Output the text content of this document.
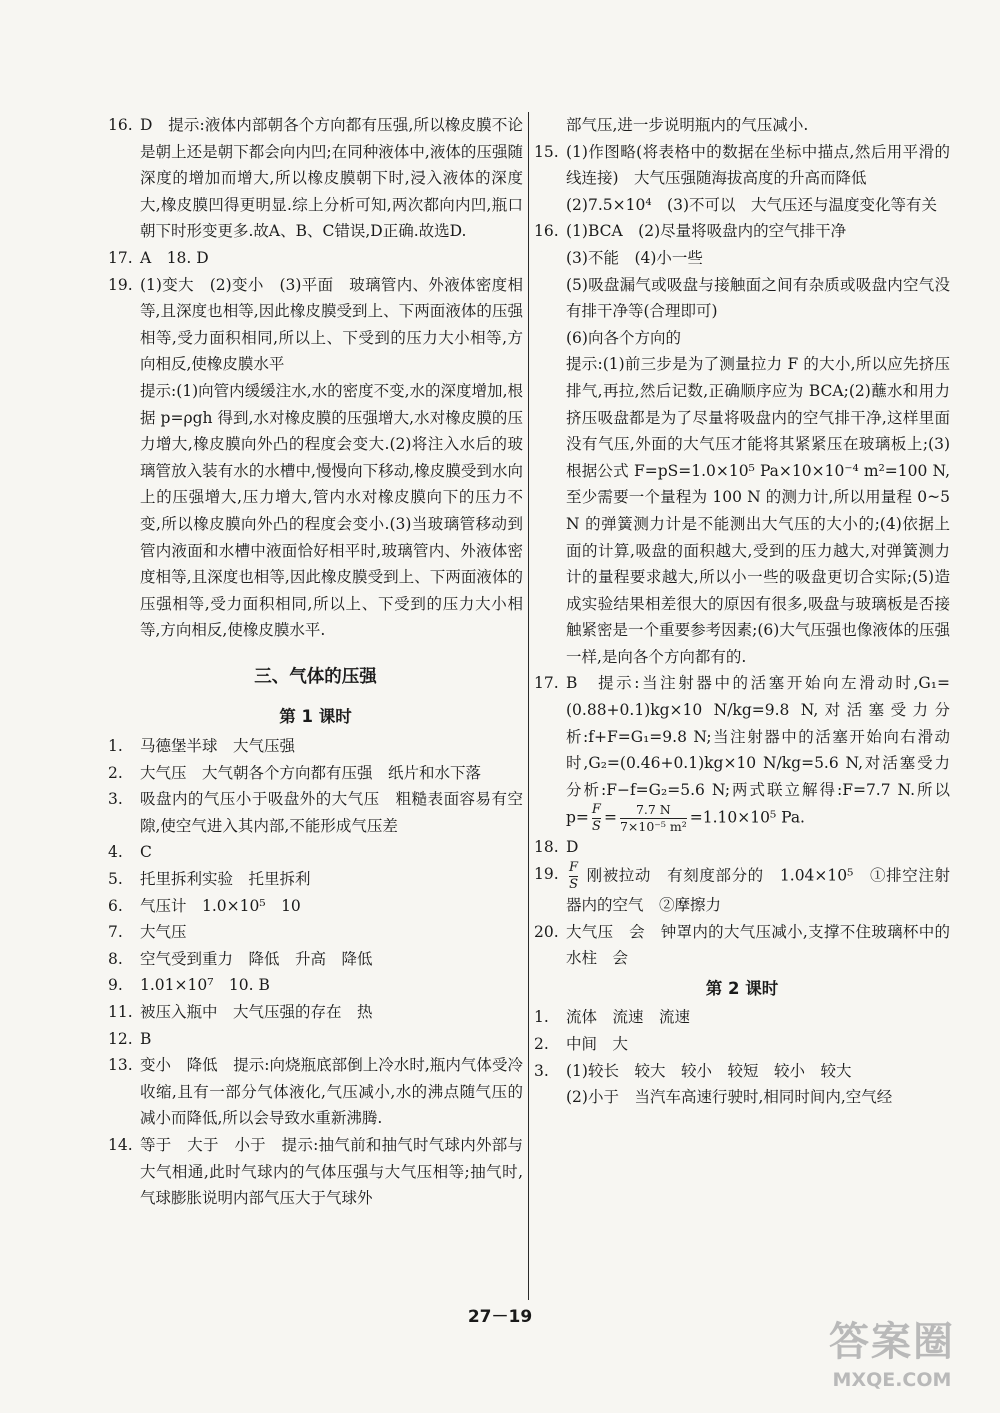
16. D　提示:液体内部朝各个方向都有压强,所以橡皮膜不论是朝上还是朝下都会向内凹;在同种液体中,液体的压强随深度的增加而增大,所以橡皮膜朝下时,浸入液体的深度大,橡皮膜凹得更明显.综上分析可知,两次都向内凹,瓶口朝下时形变更多.故A、B、C错误,D正确.故选D.
17. A　18. D
19. (1)变大　(2)变小　(3)平面　玻璃管内、外液体密度相等,且深度也相等,因此橡皮膜受到上、下两面液体的压强相等,受力面积相同,所以上、下受到的压力大小相等,方向相反,使橡皮膜水平
提示:(1)向管内缓缓注水,水的密度不变,水的深度增加,根据 p=ρgh 得到,水对橡皮膜的压强增大,水对橡皮膜的压力增大,橡皮膜向外凸的程度会变大.(2)将注入水后的玻璃管放入装有水的水槽中,慢慢向下移动,橡皮膜受到水向上的压强增大,压力增大,管内水对橡皮膜向下的压力不变,所以橡皮膜向外凸的程度会变小.(3)当玻璃管移动到管内液面和水槽中液面恰好相平时,玻璃管内、外液体密度相等,且深度也相等,因此橡皮膜受到上、下两面液体的压强相等,受力面积相同,所以上、下受到的压力大小相等,方向相反,使橡皮膜水平.
三、气体的压强
第 1 课时
1.	马德堡半球　大气压强
2.	大气压　大气朝各个方向都有压强　纸片和水下落
3.	吸盘内的气压小于吸盘外的大气压　粗糙表面容易有空隙,使空气进入其内部,不能形成气压差
4.	C
5.	托里拆利实验　托里拆利
6.	气压计　1.0×10⁵　10
7.	大气压
8.	空气受到重力　降低　升高　降低
9.	1.01×10⁷　10. B
11. 被压入瓶中　大气压强的存在　热
12. B
13. 变小　降低　提示:向烧瓶底部倒上冷水时,瓶内气体受冷收缩,且有一部分气体液化,气压减小,水的沸点随气压的减小而降低,所以会导致水重新沸腾.
14. 等于　大于　小于　提示:抽气前和抽气时气球内外部与大气相通,此时气球内的气体压强与大气压相等;抽气时,气球膨胀说明内部气压大于气球外
部气压,进一步说明瓶内的气压减小.
15. (1)作图略(将表格中的数据在坐标中描点,然后用平滑的线连接)　大气压强随海拔高度的升高而降低
(2)7.5×10⁴　(3)不可以　大气压还与温度变化等有关
16. (1)BCA　(2)尽量将吸盘内的空气排干净
(3)不能　(4)小一些
(5)吸盘漏气或吸盘与接触面之间有杂质或吸盘内空气没有排干净等(合理即可)
(6)向各个方向的
提示:(1)前三步是为了测量拉力 F 的大小,所以应先挤压排气,再拉,然后记数,正确顺序应为 BCA;(2)蘸水和用力挤压吸盘都是为了尽量将吸盘内的空气排干净,这样里面没有气压,外面的大气压才能将其紧紧压在玻璃板上;(3)根据公式 F=pS=1.0×10⁵ Pa×10×10⁻⁴ m²=100 N,至少需要一个量程为 100 N 的测力计,所以用量程 0~5 N 的弹簧测力计是不能测出大气压的大小的;(4)依据上面的计算,吸盘的面积越大,受到的压力越大,对弹簧测力计的量程要求越大,所以小一些的吸盘更切合实际;(5)造成实验结果相差很大的原因有很多,吸盘与玻璃板是否接触紧密是一个重要参考因素;(6)大气压强也像液体的压强一样,是向各个方向都有的.
17. B　提示:当注射器中的活塞开始向左滑动时,G₁=(0.88+0.1)kg×10 N/kg=9.8 N,对活塞受力分析:f+F=G₁=9.8 N;当注射器中的活塞开始向右滑动时,G₂=(0.46+0.1)kg×10 N/kg=5.6 N,对活塞受力分析:F−f=G₂=5.6 N;两式联立解得:F=7.7 N.所以 $p= \frac{F}{S} = \frac{7.7 N}{\text{7×10⁻⁵ m²}} =1.10\times 10^5$ Pa.
18. D
19. $\frac{F}{S}$ 刚被拉动　有刻度部分的　1.04×10⁵　①排空注射器内的空气　②摩擦力
20. 大气压　会　钟罩内的大气压减小,支撑不住玻璃杯中的水柱　会
第 2 课时
1.	流体　流速　流速
2.	中间　大
3.	(1)较长　较大　较小　较短　较小　较大
(2)小于　当汽车高速行驶时,相同时间内,空气经
27－19
答案圈
MXQE.COM
